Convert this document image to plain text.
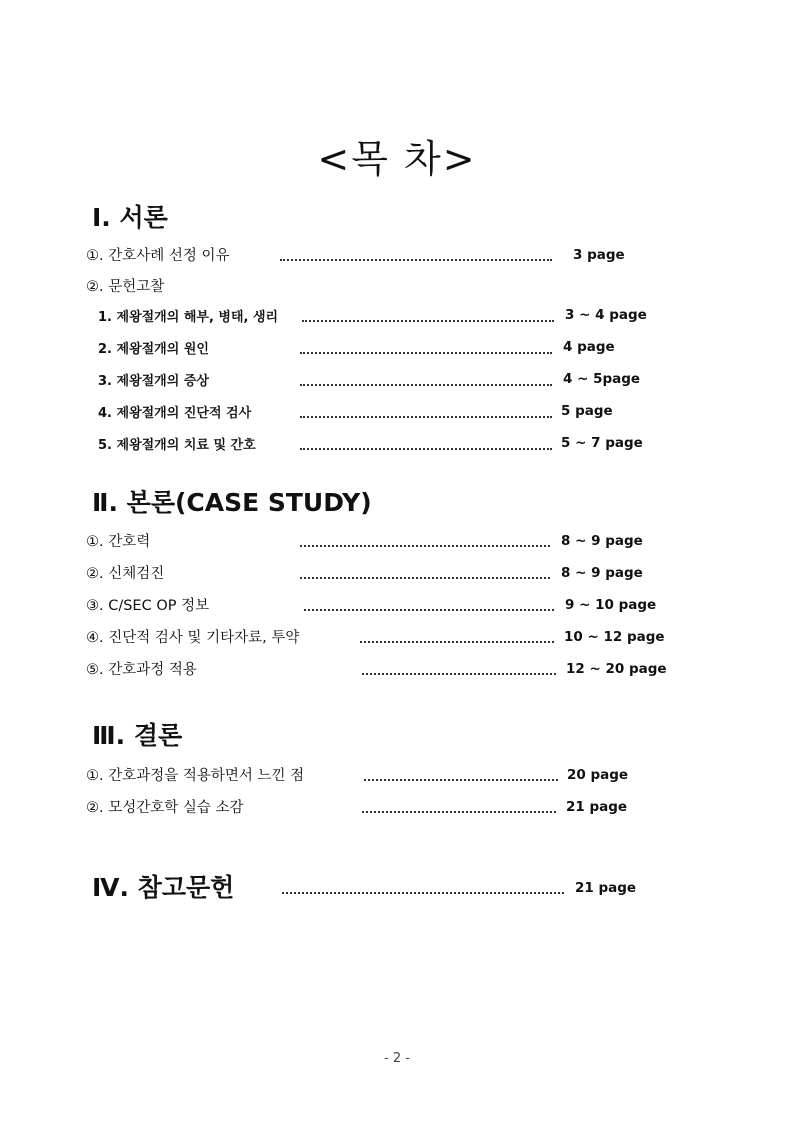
<목 차>
Ⅰ. 서론
①. 간호사례 선정 이유	3 page
②. 문헌고찰
1. 제왕절개의 해부, 병태, 생리	3 ~ 4 page
2. 제왕절개의 원인	4 page
3. 제왕절개의 증상	4 ~ 5page
4. 제왕절개의 진단적 검사	5 page
5. 제왕절개의 치료 및 간호	5 ~ 7 page
Ⅱ. 본론(CASE STUDY)
①. 간호력	8 ~ 9 page
②. 신체검진	8 ~ 9 page
③. C/SEC OP 정보	9 ~ 10 page
④. 진단적 검사 및 기타자료, 투약	10 ~ 12 page
⑤. 간호과정 적용	12 ~ 20 page
Ⅲ. 결론
①. 간호과정을 적용하면서 느낀 점	20 page
②. 모성간호학 실습 소감	21 page
Ⅳ. 참고문헌	21 page
- 2 -
